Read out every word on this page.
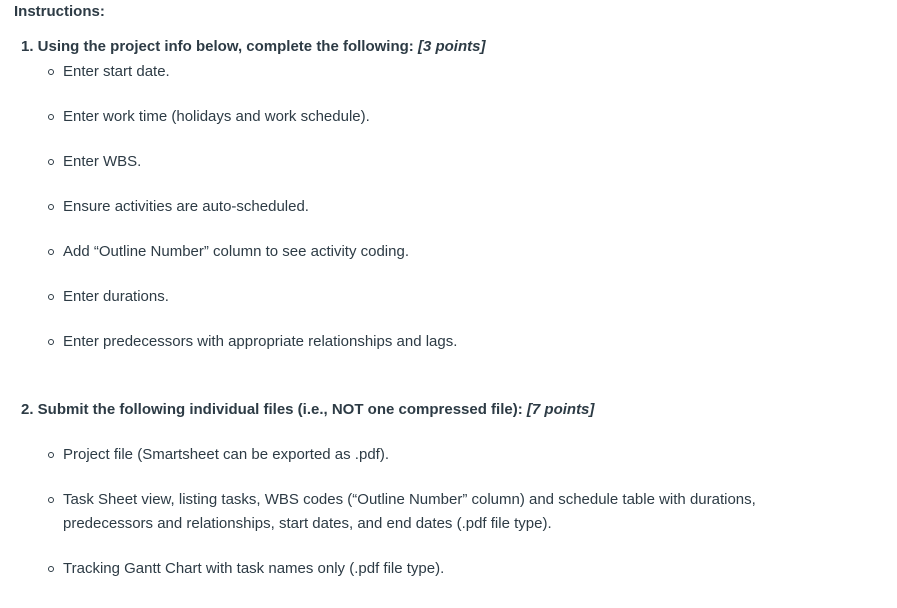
Instructions:
1. Using the project info below, complete the following: [3 points]
Enter start date.
Enter work time (holidays and work schedule).
Enter WBS.
Ensure activities are auto-scheduled.
Add “Outline Number” column to see activity coding.
Enter durations.
Enter predecessors with appropriate relationships and lags.
2. Submit the following individual files (i.e., NOT one compressed file): [7 points]
Project file (Smartsheet can be exported as .pdf).
Task Sheet view, listing tasks, WBS codes (“Outline Number” column) and schedule table with durations, predecessors and relationships, start dates, and end dates (.pdf file type).
Tracking Gantt Chart with task names only (.pdf file type).
